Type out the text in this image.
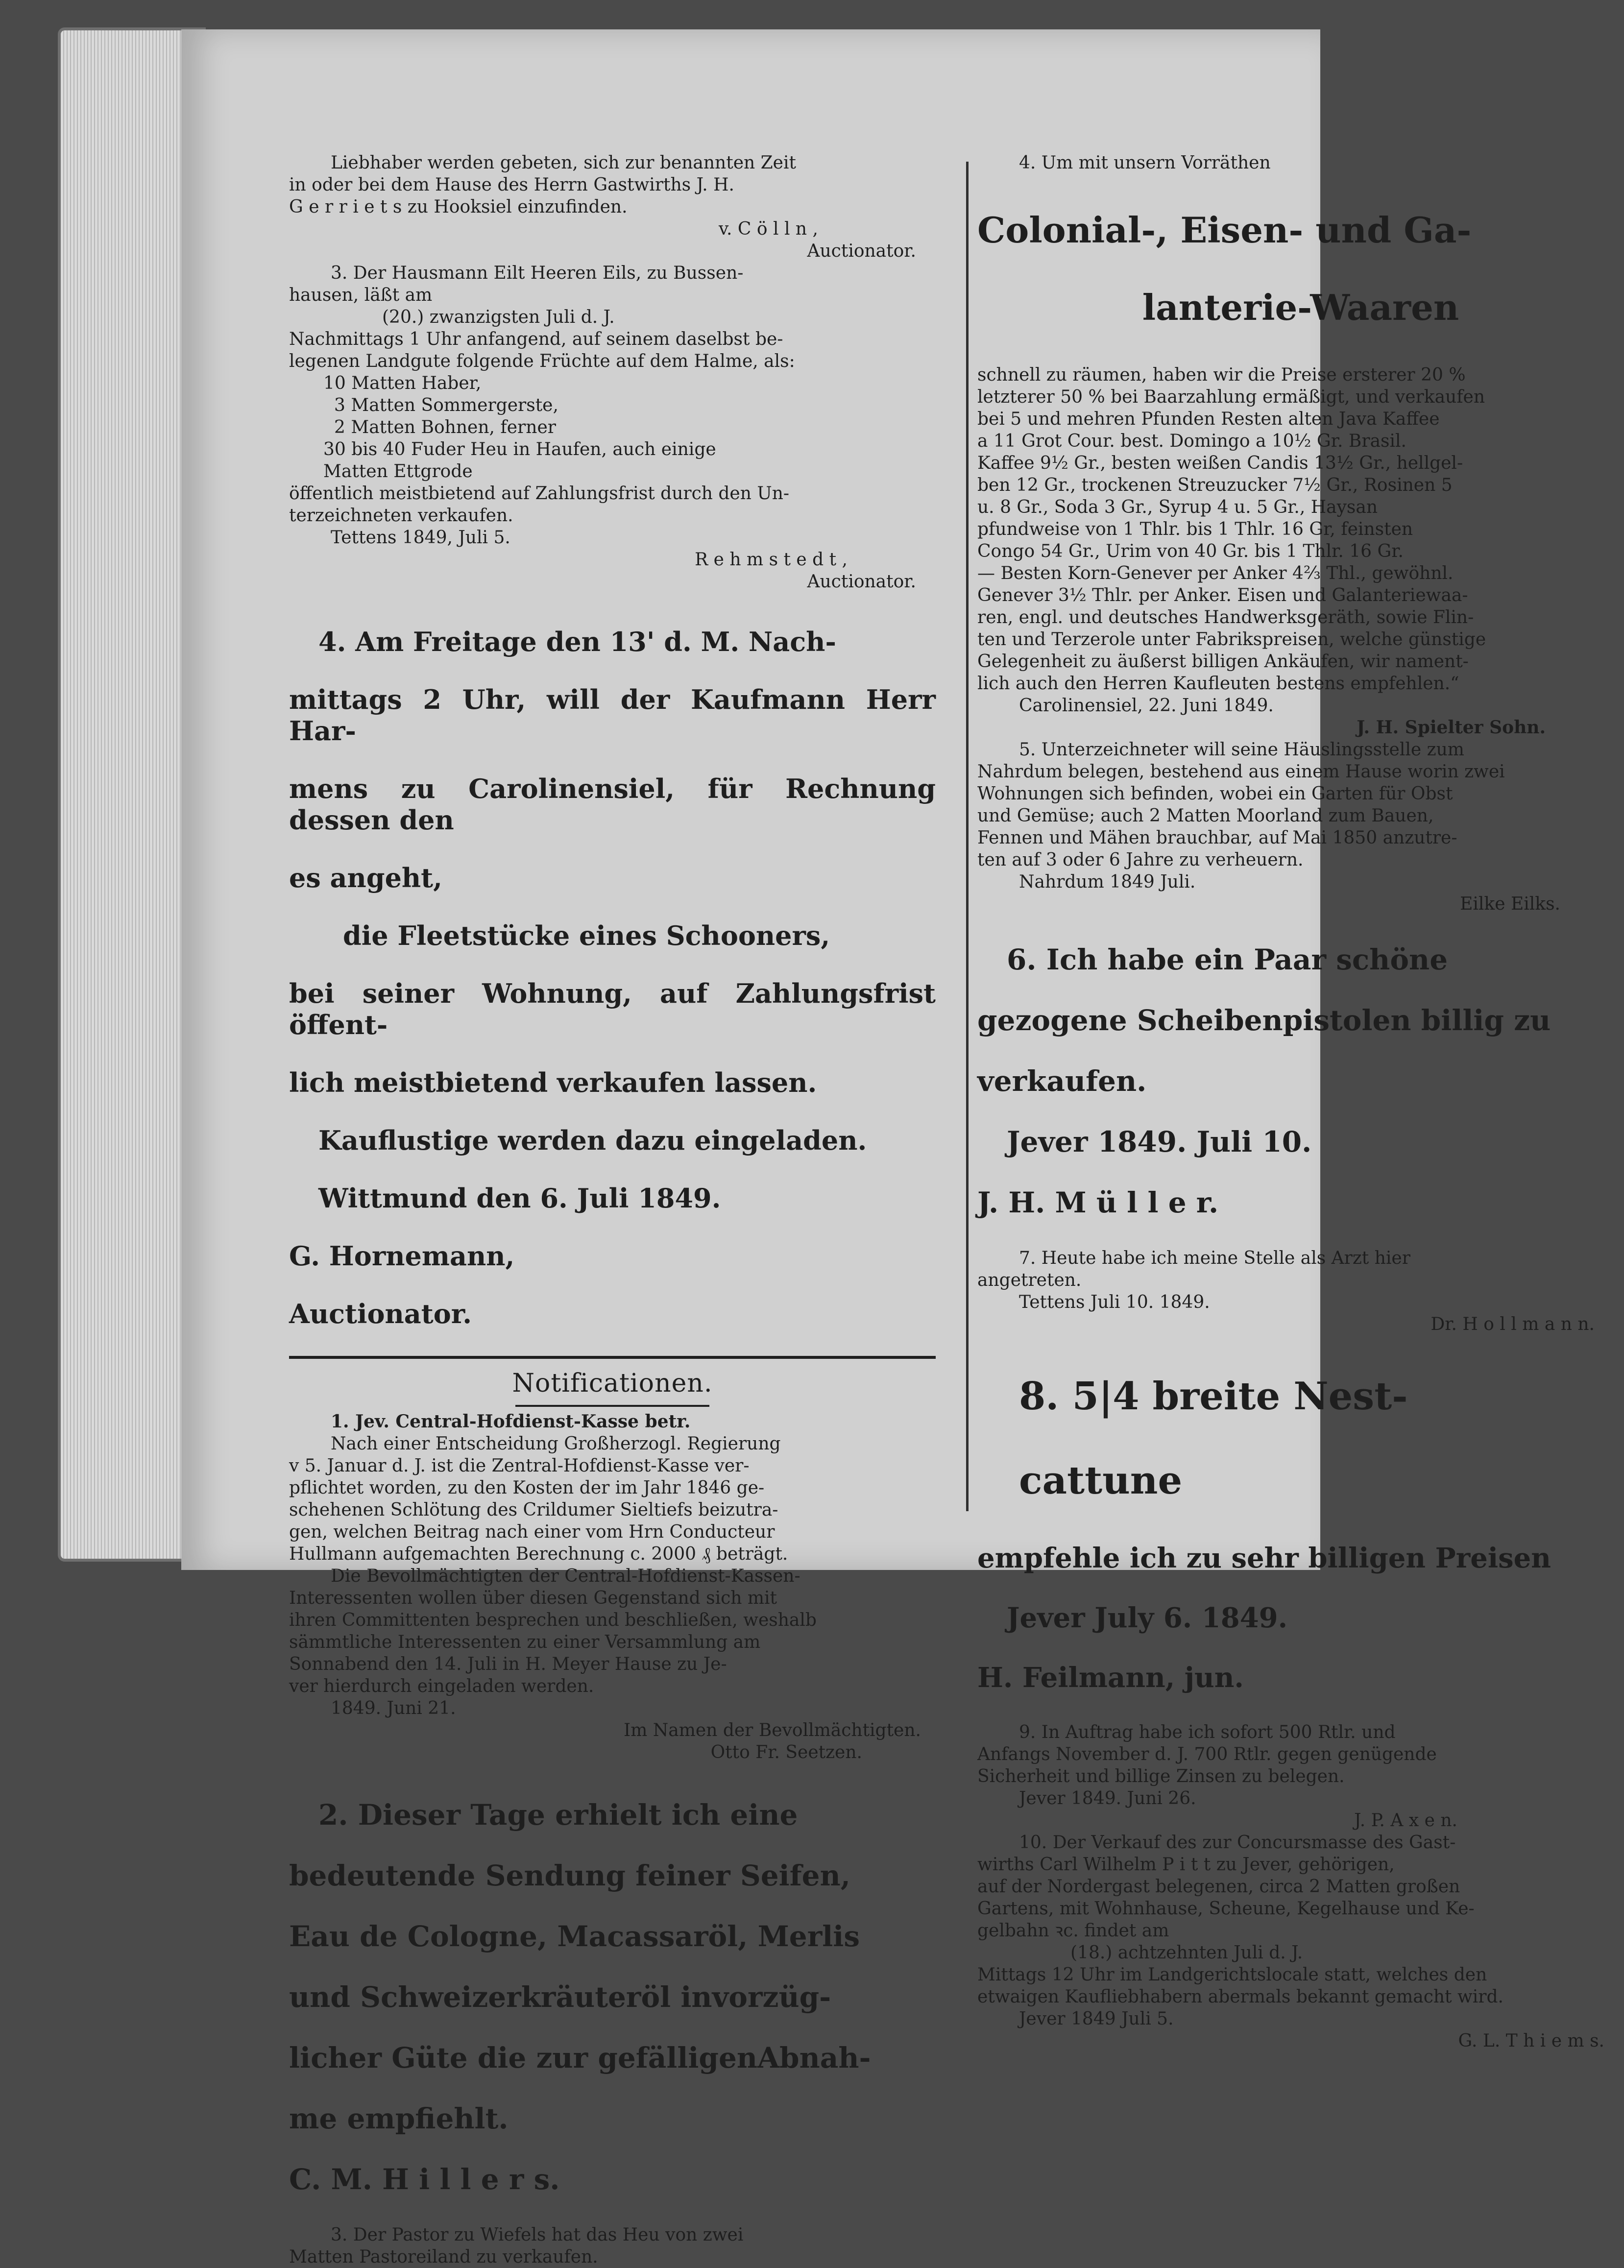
Liebhaber werden gebeten, sich zur benannten Zeit

in oder bei dem Hause des Herrn Gastwirths J. H.

G e r r i e t s zu Hooksiel einzufinden.

v. C ö l l n ,

Auctionator.

3. Der Hausmann Eilt Heeren Eils, zu Bussen-

hausen, läßt am

(20.) zwanzigsten Juli d. J.

Nachmittags 1 Uhr anfangend, auf seinem daselbst be-

legenen Landgute folgende Früchte auf dem Halme, als:

10 Matten Haber,

3 Matten Sommergerste,

2 Matten Bohnen, ferner

30 bis 40 Fuder Heu in Haufen, auch einige

Matten Ettgrode

öffentlich meistbietend auf Zahlungsfrist durch den Un-

terzeichneten verkaufen.

Tettens 1849, Juli 5.

R e h m s t e d t ,

Auctionator.

4. Am Freitage den 13' d. M. Nach-

mittags 2 Uhr, will der Kaufmann Herr Har-

mens zu Carolinensiel, für Rechnung dessen den

es angeht,

die Fleetstücke eines Schooners,

bei seiner Wohnung, auf Zahlungsfrist öffent-

lich meistbietend verkaufen lassen.

Kauflustige werden dazu eingeladen.

Wittmund den 6. Juli 1849.

G. Hornemann,

Auctionator.

Notificationen.

1. Jev. Central-Hofdienst-Kasse betr.

Nach einer Entscheidung Großherzogl. Regierung

v 5. Januar d. J. ist die Zentral-Hofdienst-Kasse ver-

pflichtet worden, zu den Kosten der im Jahr 1846 ge-

schehenen Schlötung des Crildumer Sieltiefs beizutra-

gen, welchen Beitrag nach einer vom Hrn Conducteur

Hullmann aufgemachten Berechnung c. 2000 ₰ beträgt.

Die Bevollmächtigten der Central-Hofdienst-Kassen-

Interessenten wollen über diesen Gegenstand sich mit

ihren Committenten besprechen und beschließen, weshalb

sämmtliche Interessenten zu einer Versammlung am

Sonnabend den 14. Juli in H. Meyer Hause zu Je-

ver hierdurch eingeladen werden.

1849. Juni 21.

Im Namen der Bevollmächtigten.

Otto Fr. Seetzen.

2. Dieser Tage erhielt ich eine

bedeutende Sendung feiner Seifen,

Eau de Cologne, Macassaröl, Merlis

und Schweizerkräuteröl invorzüg-

licher Güte die zur gefälligenAbnah-

me empfiehlt.

C. M. H i l l e r s.

3. Der Pastor zu Wiefels hat das Heu von zwei

Matten Pastoreiland zu verkaufen.

4. Um mit unsern Vorräthen

Colonial-, Eisen- und Ga-

lanterie-Waaren

schnell zu räumen, haben wir die Preise ersterer 20 %

letzterer 50 % bei Baarzahlung ermäßigt, und verkaufen

bei 5 und mehren Pfunden Resten alten Java Kaffee

a 11 Grot Cour. best. Domingo a 10½ Gr. Brasil.

Kaffee 9½ Gr., besten weißen Candis 13½ Gr., hellgel-

ben 12 Gr., trockenen Streuzucker 7½ Gr., Rosinen 5

u. 8 Gr., Soda 3 Gr., Syrup 4 u. 5 Gr., Haysan

pfundweise von 1 Thlr. bis 1 Thlr. 16 Gr, feinsten

Congo 54 Gr., Urim von 40 Gr. bis 1 Thlr. 16 Gr.

— Besten Korn-Genever per Anker 4⅔ Thl., gewöhnl.

Genever 3½ Thlr. per Anker. Eisen und Galanteriewaa-

ren, engl. und deutsches Handwerksgeräth, sowie Flin-

ten und Terzerole unter Fabrikspreisen, welche günstige

Gelegenheit zu äußerst billigen Ankäufen, wir nament-

lich auch den Herren Kaufleuten bestens empfehlen.“

Carolinensiel, 22. Juni 1849.

J. H. Spielter Sohn.

5. Unterzeichneter will seine Häuslingsstelle zum

Nahrdum belegen, bestehend aus einem Hause worin zwei

Wohnungen sich befinden, wobei ein Garten für Obst

und Gemüse; auch 2 Matten Moorland zum Bauen,

Fennen und Mähen brauchbar, auf Mai 1850 anzutre-

ten auf 3 oder 6 Jahre zu verheuern.

Nahrdum 1849 Juli.

Eilke Eilks.

6. Ich habe ein Paar schöne

gezogene Scheibenpistolen billig zu

verkaufen.

Jever 1849. Juli 10.

J. H. M ü l l e r.

7. Heute habe ich meine Stelle als Arzt hier

angetreten.

Tettens Juli 10. 1849.

Dr. H o l l m a n n.

8. 5|4 breite Nest-

cattune

empfehle ich zu sehr billigen Preisen

Jever July 6. 1849.

H. Feilmann, jun.

9. In Auftrag habe ich sofort 500 Rtlr. und

Anfangs November d. J. 700 Rtlr. gegen genügende

Sicherheit und billige Zinsen zu belegen.

Jever 1849. Juni 26.

J. P. A x e n.

10. Der Verkauf des zur Concursmasse des Gast-

wirths Carl Wilhelm P i t t zu Jever, gehörigen,

auf der Nordergast belegenen, circa 2 Matten großen

Gartens, mit Wohnhause, Scheune, Kegelhause und Ke-

gelbahn ꝛc. findet am

(18.) achtzehnten Juli d. J.

Mittags 12 Uhr im Landgerichtslocale statt, welches den

etwaigen Kaufliebhabern abermals bekannt gemacht wird.

Jever 1849 Juli 5.

G. L. T h i e m s.
